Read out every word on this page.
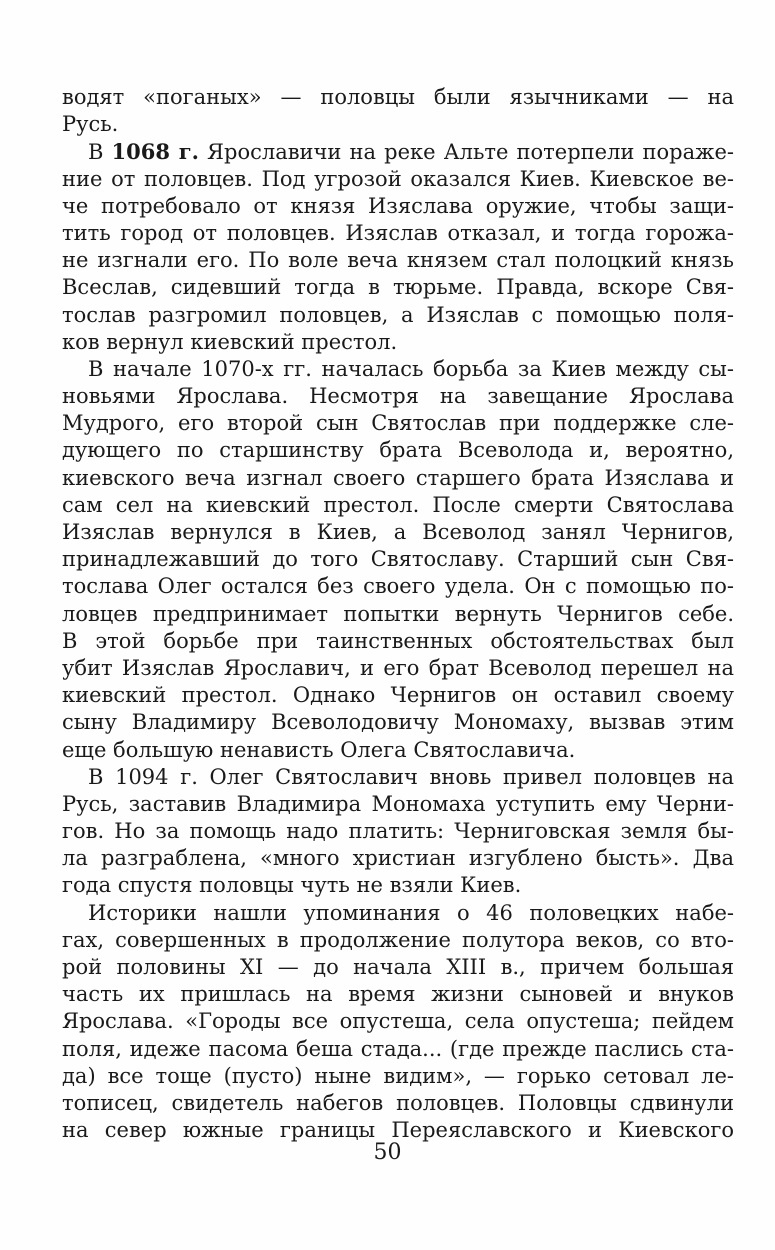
водят «поганых» — половцы были язычниками — на
Русь.
В 1068 г. Ярославичи на реке Альте потерпели пораже-
ние от половцев. Под угрозой оказался Киев. Киевское ве-
че потребовало от князя Изяслава оружие, чтобы защи-
тить город от половцев. Изяслав отказал, и тогда горожа-
не изгнали его. По воле веча князем стал полоцкий князь
Всеслав, сидевший тогда в тюрьме. Правда, вскоре Свя-
тослав разгромил половцев, а Изяслав с помощью поля-
ков вернул киевский престол.
В начале 1070-х гг. началась борьба за Киев между сы-
новьями Ярослава. Несмотря на завещание Ярослава
Мудрого, его второй сын Святослав при поддержке сле-
дующего по старшинству брата Всеволода и, вероятно,
киевского веча изгнал своего старшего брата Изяслава и
сам сел на киевский престол. После смерти Святослава
Изяслав вернулся в Киев, а Всеволод занял Чернигов,
принадлежавший до того Святославу. Старший сын Свя-
тослава Олег остался без своего удела. Он с помощью по-
ловцев предпринимает попытки вернуть Чернигов себе.
В этой борьбе при таинственных обстоятельствах был
убит Изяслав Ярославич, и его брат Всеволод перешел на
киевский престол. Однако Чернигов он оставил своему
сыну Владимиру Всеволодовичу Мономаху, вызвав этим
еще большую ненависть Олега Святославича.
В 1094 г. Олег Святославич вновь привел половцев на
Русь, заставив Владимира Мономаха уступить ему Черни-
гов. Но за помощь надо платить: Черниговская земля бы-
ла разграблена, «много христиан изгублено бысть». Два
года спустя половцы чуть не взяли Киев.
Историки нашли упоминания о 46 половецких набе-
гах, совершенных в продолжение полутора веков, со вто-
рой половины XI — до начала XIII в., причем большая
часть их пришлась на время жизни сыновей и внуков
Ярослава. «Городы все опустеша, села опустеша; пейдем
поля, идеже пасома беша стада... (где прежде паслись ста-
да) все тоще (пусто) ныне видим», — горько сетовал ле-
тописец, свидетель набегов половцев. Половцы сдвинули
на север южные границы Переяславского и Киевского
50
